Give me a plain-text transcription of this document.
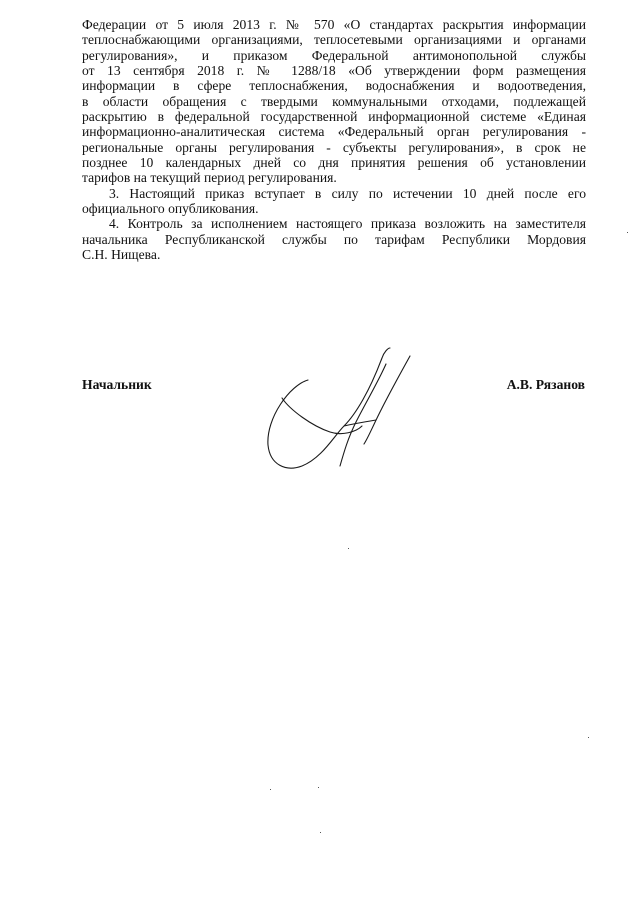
Федерации от 5 июля 2013 г. № 570 «О стандартах раскрытия информации
теплоснабжающими организациями, теплосетевыми организациями и органами
регулирования», и приказом Федеральной антимонопольной службы
от 13 сентября 2018 г. № 1288/18 «Об утверждении форм размещения
информации в сфере теплоснабжения, водоснабжения и водоотведения,
в области обращения с твердыми коммунальными отходами, подлежащей
раскрытию в федеральной государственной информационной системе «Единая
информационно-аналитическая система «Федеральный орган регулирования -
региональные органы регулирования - субъекты регулирования», в срок не
позднее 10 календарных дней со дня принятия решения об установлении
тарифов на текущий период регулирования.
3. Настоящий приказ вступает в силу по истечении 10 дней после его
официального опубликования.
4. Контроль за исполнением настоящего приказа возложить на заместителя
начальника Республиканской службы по тарифам Республики Мордовия
С.Н. Нищева.
Начальник	А.В. Рязанов
